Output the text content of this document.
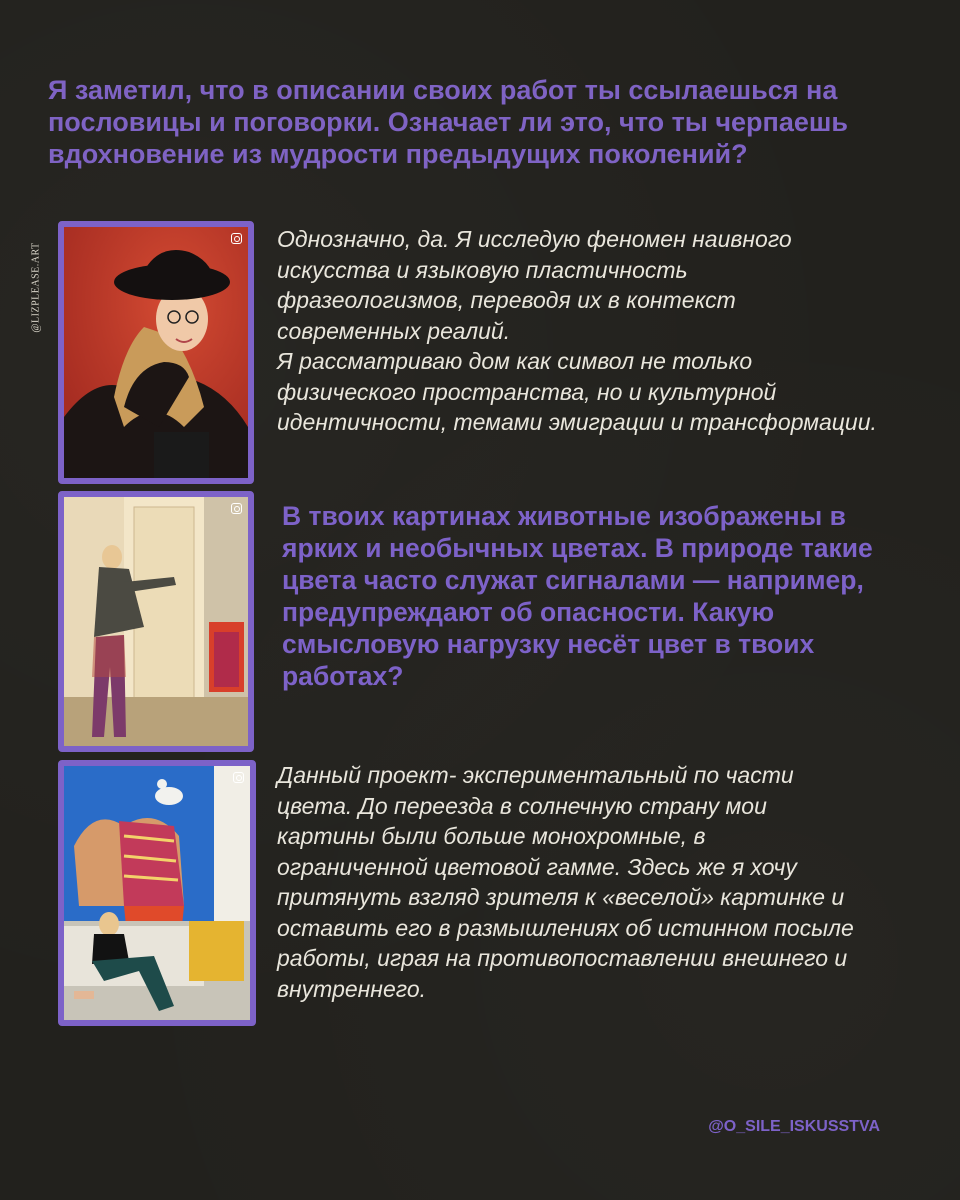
Я заметил, что в описании своих работ ты ссылаешься на пословицы и поговорки. Означает ли это, что ты черпаешь вдохновение из мудрости предыдущих поколений?
@LIZPLEASE.ART

Однозначно, да. Я исследую феномен наивного искусства и языковую пластичность фразеологизмов, переводя их в контекст современных реалий.
Я рассматриваю дом как символ не только физического пространства, но и культурной идентичности, темами эмиграции и трансформации.

В твоих картинах животные изображены в ярких и необычных цветах. В природе такие цвета часто служат сигналами — например, предупреждают об опасности. Какую смысловую нагрузку несёт цвет в твоих работах?

Данный проект- экспериментальный по части цвета. До переезда в солнечную страну мои картины были больше монохромные, в ограниченной цветовой гамме. Здесь же я хочу притянуть взгляд зрителя к «веселой» картинке и оставить его в размышлениях об истинном посыле работы, играя на противопоставлении внешнего и внутреннего.

@O_SILE_ISKUSSTVA
